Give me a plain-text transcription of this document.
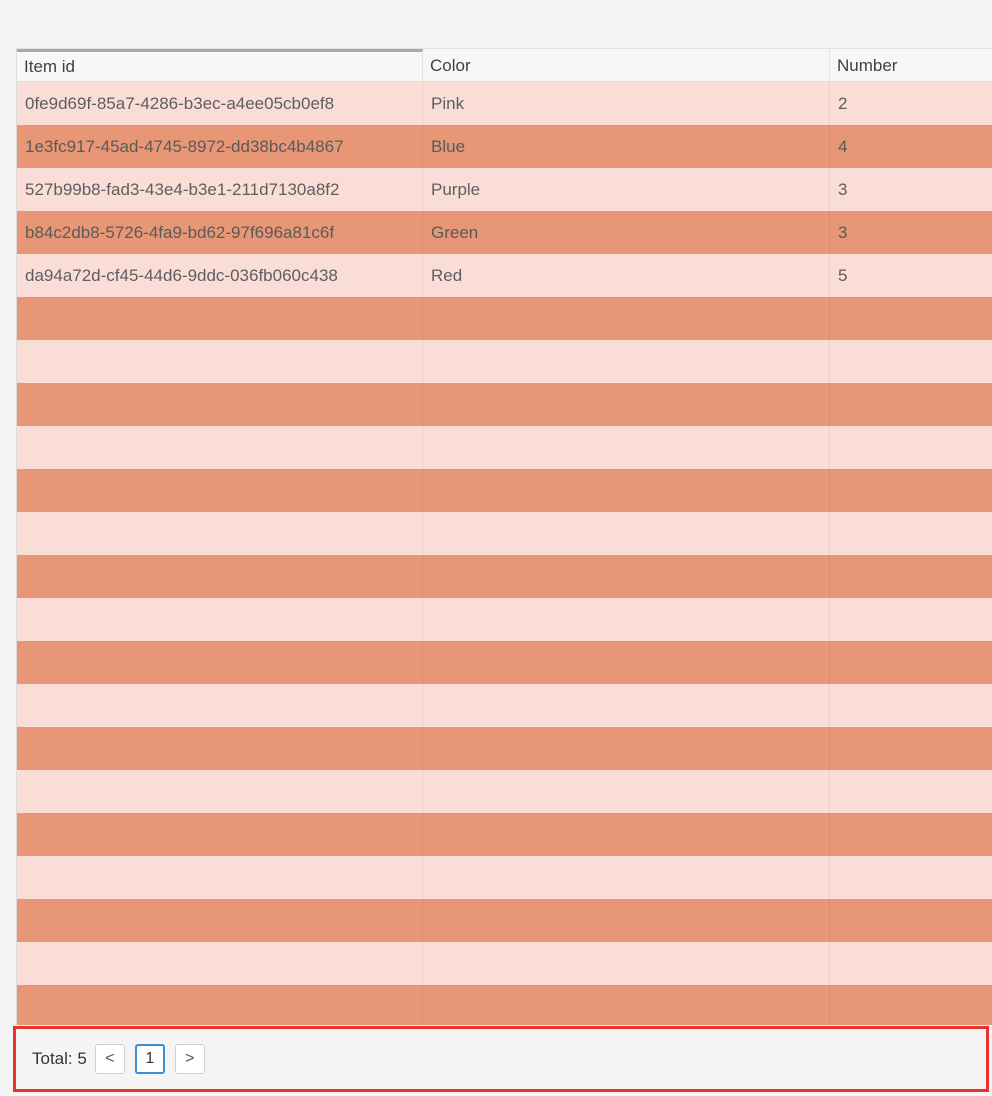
Item id	Color	Number
0fe9d69f-85a7-4286-b3ec-a4ee05cb0ef8	Pink	2
1e3fc917-45ad-4745-8972-dd38bc4b4867	Blue	4
527b99b8-fad3-43e4-b3e1-211d7130a8f2	Purple	3
b84c2db8-5726-4fa9-bd62-97f696a81c6f	Green	3
da94a72d-cf45-44d6-9ddc-036fb060c438	Red	5
Total: 5 < 1 >
